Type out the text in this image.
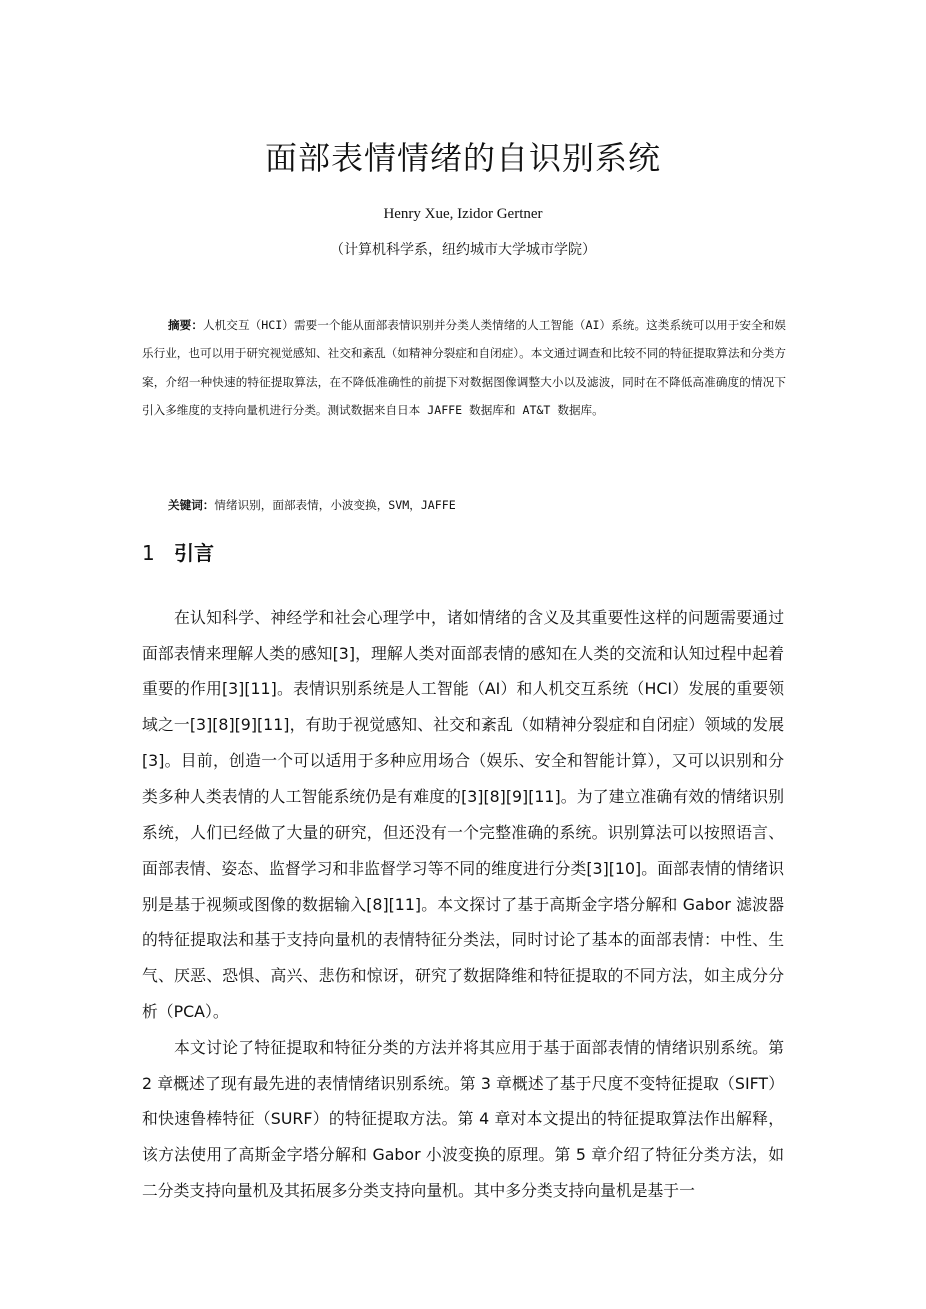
面部表情情绪的自识别系统
Henry Xue, Izidor Gertner
（计算机科学系，纽约城市大学城市学院）
摘要：人机交互（HCI）需要一个能从面部表情识别并分类人类情绪的人工智能（AI）系统。这类系统可以用于安全和娱乐行业，也可以用于研究视觉感知、社交和紊乱（如精神分裂症和自闭症）。本文通过调查和比较不同的特征提取算法和分类方案，介绍一种快速的特征提取算法，在不降低准确性的前提下对数据图像调整大小以及滤波，同时在不降低高准确度的情况下引入多维度的支持向量机进行分类。测试数据来自日本 JAFFE 数据库和 AT&T 数据库。
关键词：情绪识别，面部表情，小波变换，SVM，JAFFE
1 引言

在认知科学、神经学和社会心理学中，诸如情绪的含义及其重要性这样的问题需要通过面部表情来理解人类的感知[3]，理解人类对面部表情的感知在人类的交流和认知过程中起着重要的作用[3][11]。表情识别系统是人工智能（AI）和人机交互系统（HCI）发展的重要领域之一[3][8][9][11]，有助于视觉感知、社交和紊乱（如精神分裂症和自闭症）领域的发展[3]。目前，创造一个可以适用于多种应用场合（娱乐、安全和智能计算），又可以识别和分类多种人类表情的人工智能系统仍是有难度的[3][8][9][11]。为了建立准确有效的情绪识别系统，人们已经做了大量的研究，但还没有一个完整准确的系统。识别算法可以按照语言、面部表情、姿态、监督学习和非监督学习等不同的维度进行分类[3][10]。面部表情的情绪识别是基于视频或图像的数据输入[8][11]。本文探讨了基于高斯金字塔分解和 Gabor 滤波器的特征提取法和基于支持向量机的表情特征分类法，同时讨论了基本的面部表情：中性、生气、厌恶、恐惧、高兴、悲伤和惊讶，研究了数据降维和特征提取的不同方法，如主成分分析（PCA）。

本文讨论了特征提取和特征分类的方法并将其应用于基于面部表情的情绪识别系统。第 2 章概述了现有最先进的表情情绪识别系统。第 3 章概述了基于尺度不变特征提取（SIFT）和快速鲁棒特征（SURF）的特征提取方法。第 4 章对本文提出的特征提取算法作出解释，该方法使用了高斯金字塔分解和 Gabor 小波变换的原理。第 5 章介绍了特征分类方法，如二分类支持向量机及其拓展多分类支持向量机。其中多分类支持向量机是基于一
